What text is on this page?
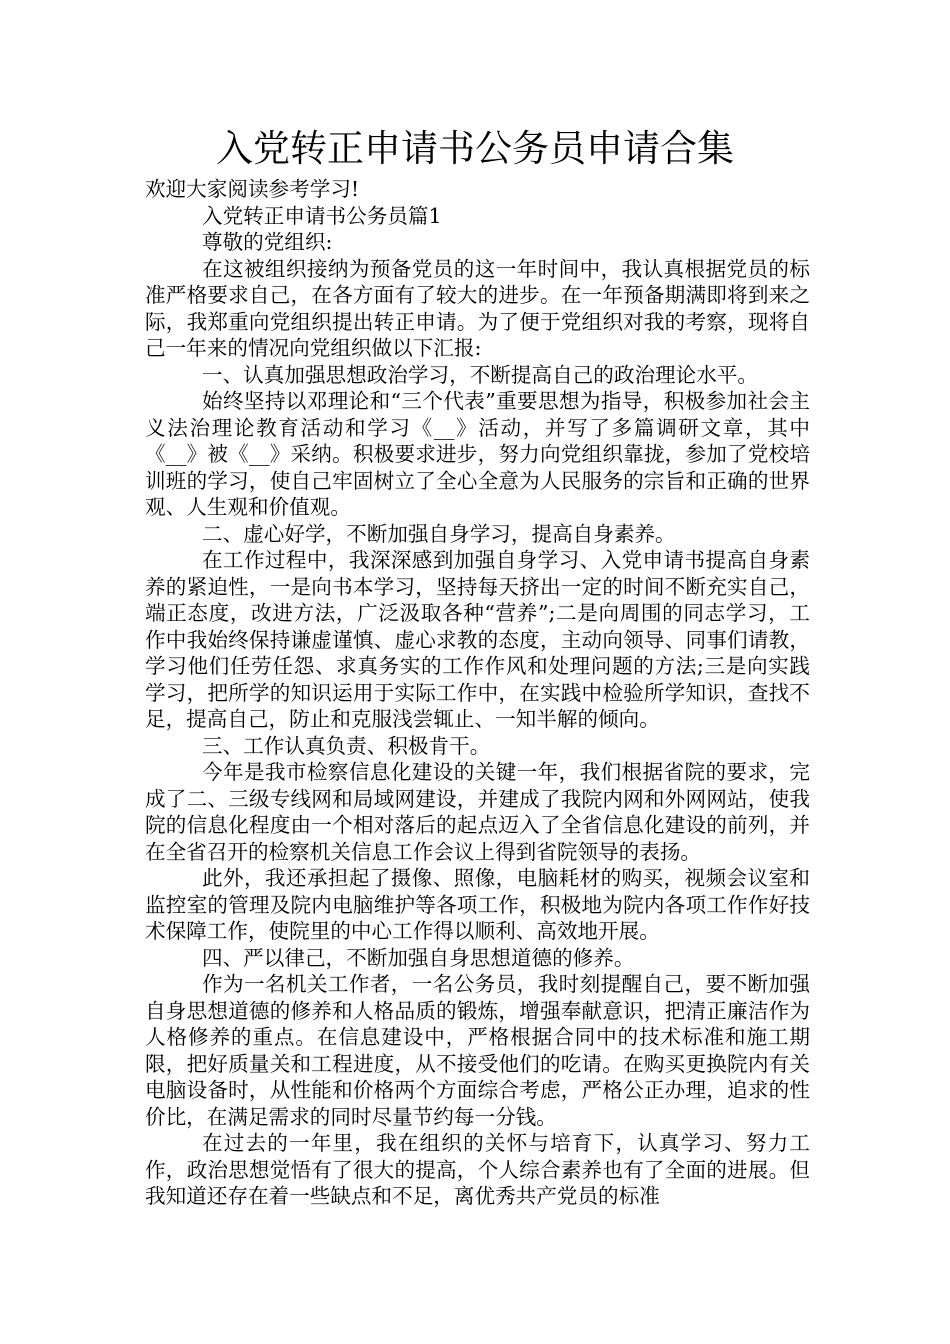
入党转正申请书公务员申请合集

欢迎大家阅读参考学习!

入党转正申请书公务员篇1

尊敬的党组织:

在这被组织接纳为预备党员的这一年时间中，我认真根据党员的标准严格要求自己，在各方面有了较大的进步。在一年预备期满即将到来之际，我郑重向党组织提出转正申请。为了便于党组织对我的考察，现将自己一年来的情况向党组织做以下汇报:

一、认真加强思想政治学习，不断提高自己的政治理论水平。

始终坚持以邓理论和“三个代表”重要思想为指导，积极参加社会主义法治理论教育活动和学习《__》活动，并写了多篇调研文章，其中《__》被《__》采纳。积极要求进步，努力向党组织靠拢，参加了党校培训班的学习，使自己牢固树立了全心全意为人民服务的宗旨和正确的世界观、人生观和价值观。

二、虚心好学，不断加强自身学习，提高自身素养。

在工作过程中，我深深感到加强自身学习、入党申请书提高自身素养的紧迫性，一是向书本学习，坚持每天挤出一定的时间不断充实自己，端正态度，改进方法，广泛汲取各种“营养”;二是向周围的同志学习，工作中我始终保持谦虚谨慎、虚心求教的态度，主动向领导、同事们请教，学习他们任劳任怨、求真务实的工作作风和处理问题的方法;三是向实践学习，把所学的知识运用于实际工作中，在实践中检验所学知识，查找不足，提高自己，防止和克服浅尝辄止、一知半解的倾向。

三、工作认真负责、积极肯干。

今年是我市检察信息化建设的关键一年，我们根据省院的要求，完成了二、三级专线网和局域网建设，并建成了我院内网和外网网站，使我院的信息化程度由一个相对落后的起点迈入了全省信息化建设的前列，并在全省召开的检察机关信息工作会议上得到省院领导的表扬。

此外，我还承担起了摄像、照像，电脑耗材的购买，视频会议室和监控室的管理及院内电脑维护等各项工作，积极地为院内各项工作作好技术保障工作，使院里的中心工作得以顺利、高效地开展。

四、严以律己，不断加强自身思想道德的修养。

作为一名机关工作者，一名公务员，我时刻提醒自己，要不断加强自身思想道德的修养和人格品质的锻炼，增强奉献意识，把清正廉洁作为人格修养的重点。在信息建设中，严格根据合同中的技术标准和施工期限，把好质量关和工程进度，从不接受他们的吃请。在购买更换院内有关电脑设备时，从性能和价格两个方面综合考虑，严格公正办理，追求的性价比，在满足需求的同时尽量节约每一分钱。

在过去的一年里，我在组织的关怀与培育下，认真学习、努力工作，政治思想觉悟有了很大的提高，个人综合素养也有了全面的进展。但我知道还存在着一些缺点和不足，离优秀共产党员的标准
